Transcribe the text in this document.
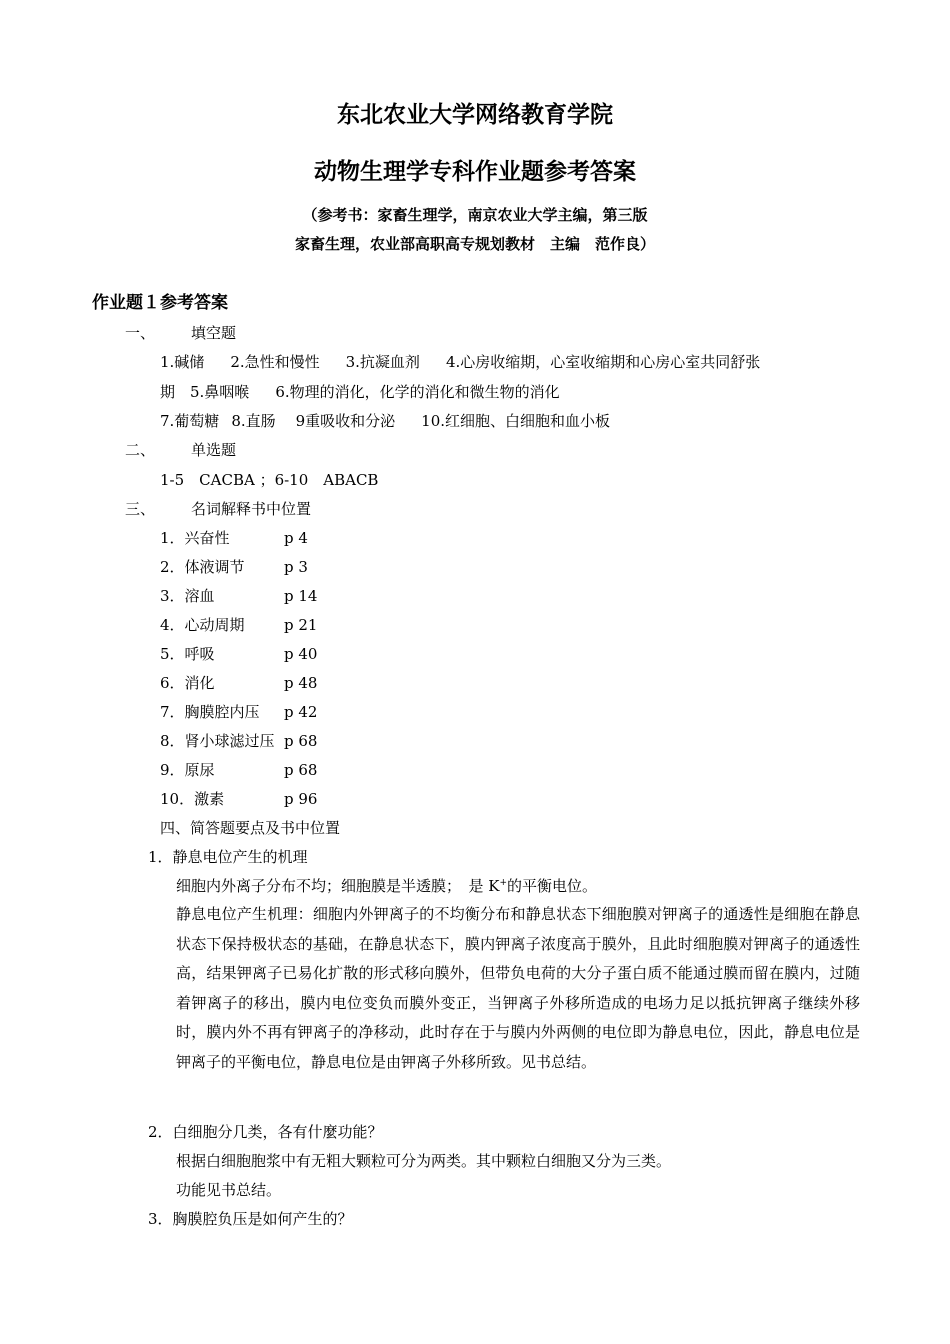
东北农业大学网络教育学院
动物生理学专科作业题参考答案
（参考书：家畜生理学，南京农业大学主编，第三版
家畜生理，农业部高职高专规划教材　主编　范作良）
作业题１参考答案
一、 填空题
1.碱储 2.急性和慢性 3.抗凝血剂 4.心房收缩期，心室收缩期和心房心室共同舒张
期　5.鼻咽喉 6.物理的消化，化学的消化和微生物的消化
7.葡萄糖 8.直肠 9重吸收和分泌 10.红细胞、白细胞和血小板
二、 单选题
1-5　CACBA ；6-10　ABACB
三、 名词解释书中位置
1．兴奋性	p 4
2．体液调节	p 3
3．溶血	p 14
4．心动周期	p 21
5．呼吸	p 40
6．消化	p 48
7．胸膜腔内压 p 42
8．肾小球滤过压 p 68
9．原尿	p 68
10．激素	p 96
四、简答题要点及书中位置
1．静息电位产生的机理
细胞内外离子分布不均；细胞膜是半透膜；　是 K+的平衡电位。
静息电位产生机理：细胞内外钾离子的不均衡分布和静息状态下细胞膜对钾离子的通透性是细胞在静息状态下保持极状态的基础，在静息状态下，膜内钾离子浓度高于膜外，且此时细胞膜对钾离子的通透性高，结果钾离子已易化扩散的形式移向膜外，但带负电荷的大分子蛋白质不能通过膜而留在膜内，过随着钾离子的移出，膜内电位变负而膜外变正，当钾离子外移所造成的电场力足以抵抗钾离子继续外移时，膜内外不再有钾离子的净移动，此时存在于与膜内外两侧的电位即为静息电位，因此，静息电位是钾离子的平衡电位，静息电位是由钾离子外移所致。见书总结。
2．白细胞分几类，各有什麼功能？
根据白细胞胞浆中有无粗大颗粒可分为两类。其中颗粒白细胞又分为三类。
功能见书总结。
3．胸膜腔负压是如何产生的？
